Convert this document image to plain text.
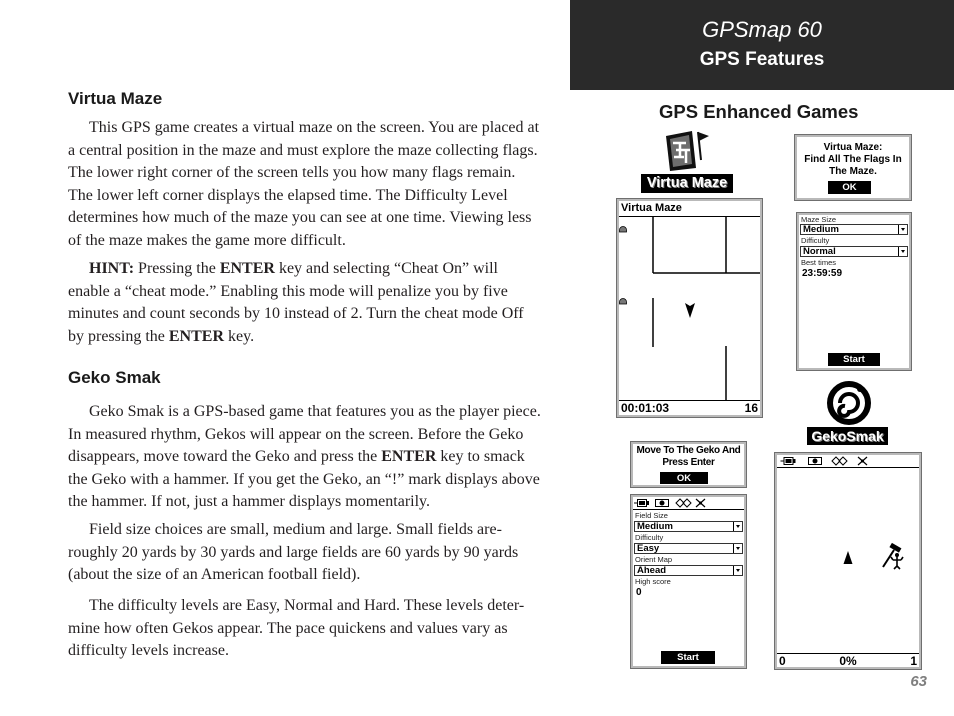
GPSmap 60
GPS Features
GPS Enhanced Games
Virtua Maze
This GPS game creates a virtual maze on the screen. You are placed at
a central position in the maze and must explore the maze collecting flags.
The lower right corner of the screen tells you how many flags remain.
The lower left corner displays the elapsed time. The Difficulty Level
determines how much of the maze you can see at one time. Viewing less
of the maze makes the game more difficult.
HINT: Pressing the ENTER key and selecting “Cheat On” will
enable a “cheat mode.” Enabling this mode will penalize you by five
minutes and count seconds by 10 instead of 2. Turn the cheat mode Off
by pressing the ENTER key.
Geko Smak
Geko Smak is a GPS-based game that features you as the player piece.
In measured rhythm, Gekos will appear on the screen. Before the Geko
disappears, move toward the Geko and press the ENTER key to smack
the Geko with a hammer. If you get the Geko, an “!” mark displays above
the hammer. If not, just a hammer displays momentarily.
Field size choices are small, medium and large. Small fields are-
roughly 20 yards by 30 yards and large fields are 60 yards by 90 yards
(about the size of an American football field).
The difficulty levels are Easy, Normal and Hard. These levels deter-
mine how often Gekos appear. The pace quickens and values vary as
difficulty levels increase.
63
Virtua Maze
Virtua Maze:
Find All The Flags In
The Maze.
OK
Virtua Maze
00:01:03	16
Maze Size
Medium
Difficulty
Normal
Best times
23:59:59
Start
GekoSmak
Move To The Geko And
Press Enter
OK
Field Size
Medium
Difficulty
Easy
Orient Map
Ahead
High score
0
Start	0	0%	1
